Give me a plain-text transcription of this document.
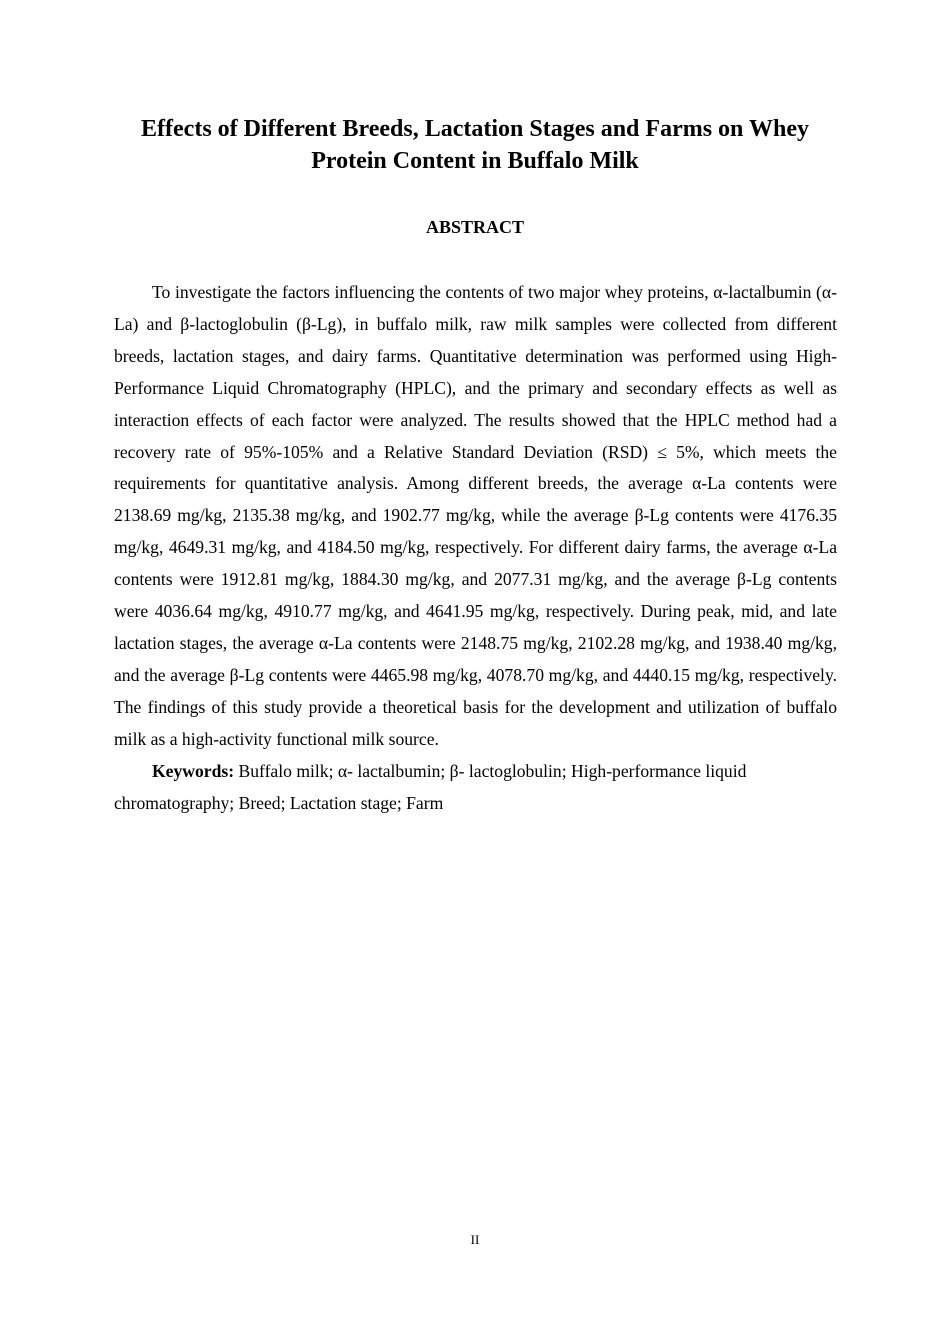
Effects of Different Breeds, Lactation Stages and Farms on Whey
Protein Content in Buffalo Milk
ABSTRACT

To investigate the factors influencing the contents of two major whey proteins, α-lactalbumin (α-La) and β-lactoglobulin (β-Lg), in buffalo milk, raw milk samples were collected from different breeds, lactation stages, and dairy farms. Quantitative determination was performed using High-Performance Liquid Chromatography (HPLC), and the primary and secondary effects as well as interaction effects of each factor were analyzed. The results showed that the HPLC method had a recovery rate of 95%-105% and a Relative Standard Deviation (RSD) ≤ 5%, which meets the requirements for quantitative analysis. Among different breeds, the average α-La contents were 2138.69 mg/kg, 2135.38 mg/kg, and 1902.77 mg/kg, while the average β-Lg contents were 4176.35 mg/kg, 4649.31 mg/kg, and 4184.50 mg/kg, respectively. For different dairy farms, the average α-La contents were 1912.81 mg/kg, 1884.30 mg/kg, and 2077.31 mg/kg, and the average β-Lg contents were 4036.64 mg/kg, 4910.77 mg/kg, and 4641.95 mg/kg, respectively. During peak, mid, and late lactation stages, the average α-La contents were 2148.75 mg/kg, 2102.28 mg/kg, and 1938.40 mg/kg, and the average β-Lg contents were 4465.98 mg/kg, 4078.70 mg/kg, and 4440.15 mg/kg, respectively. The findings of this study provide a theoretical basis for the development and utilization of buffalo milk as a high-activity functional milk source.

Keywords: Buffalo milk; α- lactalbumin; β- lactoglobulin; High-performance liquid chromatography; Breed; Lactation stage; Farm

II
